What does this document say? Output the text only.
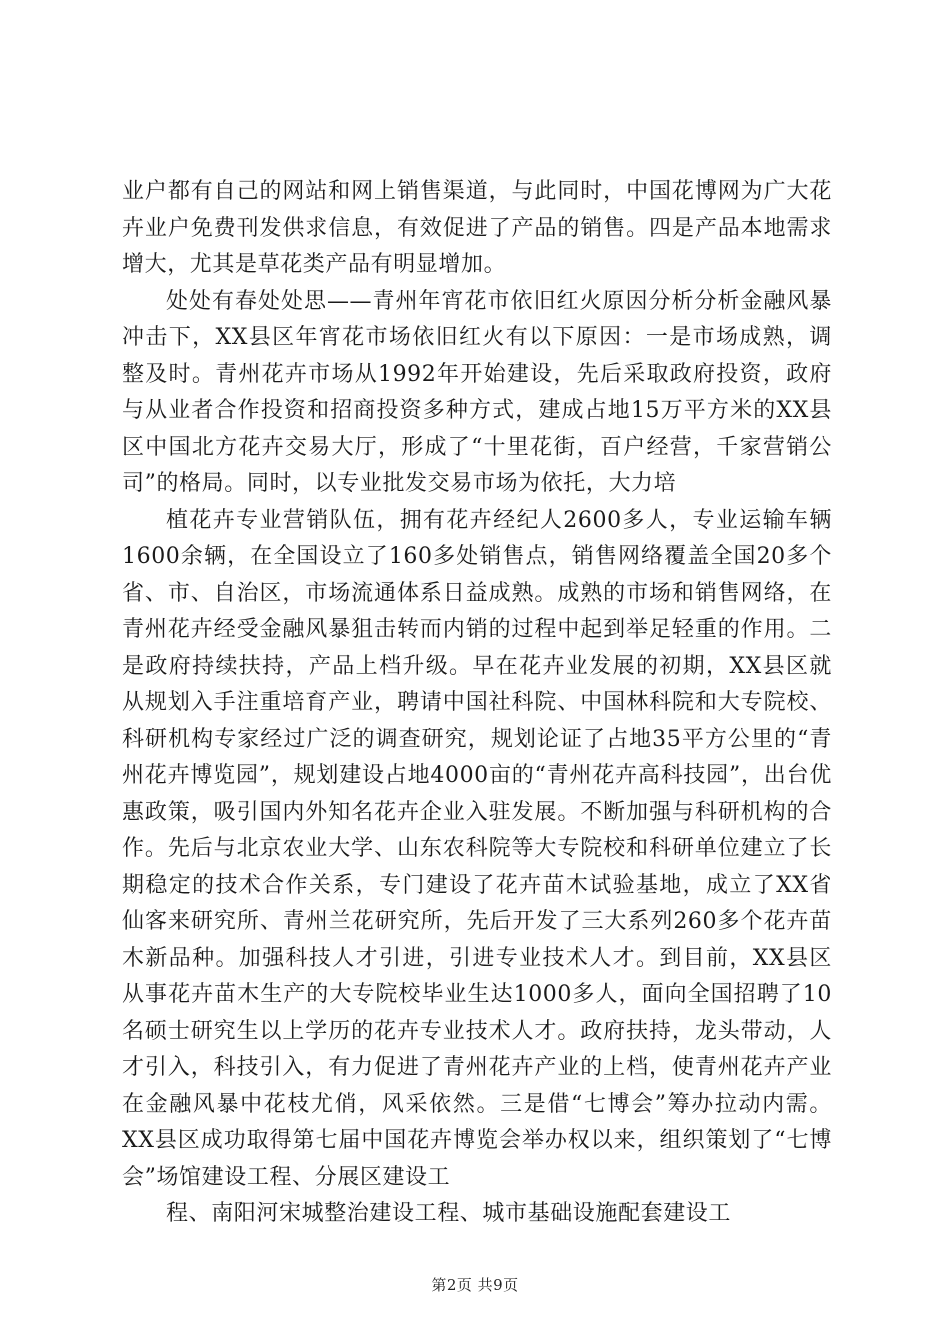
业户都有自己的网站和网上销售渠道，与此同时，中国花博网为广大花卉业户免费刊发供求信息，有效促进了产品的销售。四是产品本地需求增大，尤其是草花类产品有明显增加。

处处有春处处思——青州年宵花市依旧红火原因分析分析金融风暴冲击下，XX县区年宵花市场依旧红火有以下原因：一是市场成熟，调整及时。青州花卉市场从1992年开始建设，先后采取政府投资，政府与从业者合作投资和招商投资多种方式，建成占地15万平方米的XX县区中国北方花卉交易大厅，形成了“十里花街，百户经营，千家营销公司”的格局。同时，以专业批发交易市场为依托，大力培

植花卉专业营销队伍，拥有花卉经纪人2600多人，专业运输车辆1600余辆，在全国设立了160多处销售点，销售网络覆盖全国20多个省、市、自治区，市场流通体系日益成熟。成熟的市场和销售网络，在青州花卉经受金融风暴狙击转而内销的过程中起到举足轻重的作用。二是政府持续扶持，产品上档升级。早在花卉业发展的初期，XX县区就从规划入手注重培育产业，聘请中国社科院、中国林科院和大专院校、科研机构专家经过广泛的调查研究，规划论证了占地35平方公里的“青州花卉博览园”，规划建设占地4000亩的“青州花卉高科技园”，出台优惠政策，吸引国内外知名花卉企业入驻发展。不断加强与科研机构的合作。先后与北京农业大学、山东农科院等大专院校和科研单位建立了长期稳定的技术合作关系，专门建设了花卉苗木试验基地，成立了XX省仙客来研究所、青州兰花研究所，先后开发了三大系列260多个花卉苗木新品种。加强科技人才引进，引进专业技术人才。到目前，XX县区从事花卉苗木生产的大专院校毕业生达1000多人，面向全国招聘了10名硕士研究生以上学历的花卉专业技术人才。政府扶持，龙头带动，人才引入，科技引入，有力促进了青州花卉产业的上档，使青州花卉产业在金融风暴中花枝尤俏，风采依然。三是借“七博会”筹办拉动内需。XX县区成功取得第七届中国花卉博览会举办权以来，组织策划了“七博会”场馆建设工程、分展区建设工

程、南阳河宋城整治建设工程、城市基础设施配套建设工

第2页 共9页
